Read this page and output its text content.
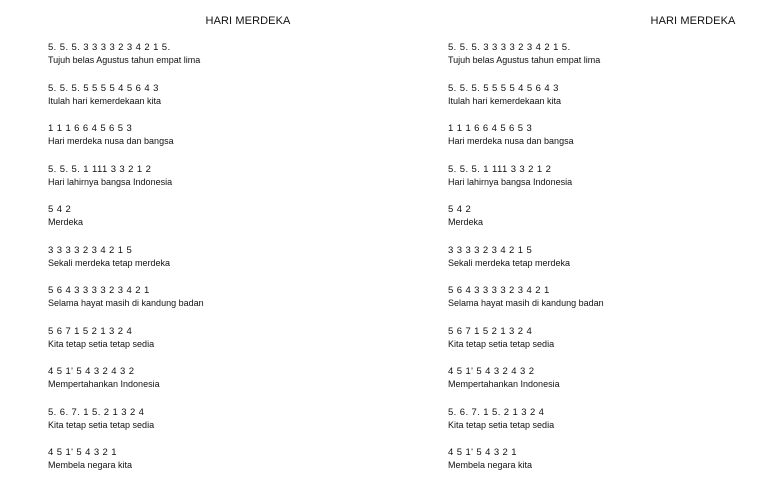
HARI MERDEKA
5. 5. 5. 3 3 3 3 2 3 4 2 1 5.
Tujuh belas Agustus tahun empat lima
5. 5. 5. 5 5 5 5 4 5 6 4 3
Itulah hari kemerdekaan kita
1 1 1 6 6 4 5 6 5 3
Hari merdeka nusa dan bangsa
5. 5. 5. 1 111 3 3 2 1 2
Hari lahirnya bangsa Indonesia
5 4 2
Merdeka
3 3 3 3 2 3 4 2 1 5
Sekali merdeka tetap merdeka
5 6 4 3 3 3 3 2 3 4 2 1
Selama hayat masih di kandung badan
5 6 7 1 5 2 1 3 2 4
Kita tetap setia tetap sedia
4 5 1' 5 4 3 2 4 3 2
Mempertahankan Indonesia
5. 6. 7. 1 5. 2 1 3 2 4
Kita tetap setia tetap sedia
4 5 1' 5 4 3 2 1
Membela negara kita
HARI MERDEKA
5. 5. 5. 3 3 3 3 2 3 4 2 1 5.
Tujuh belas Agustus tahun empat lima
5. 5. 5. 5 5 5 5 4 5 6 4 3
Itulah hari kemerdekaan kita
1 1 1 6 6 4 5 6 5 3
Hari merdeka nusa dan bangsa
5. 5. 5. 1 111 3 3 2 1 2
Hari lahirnya bangsa Indonesia
5 4 2
Merdeka
3 3 3 3 2 3 4 2 1 5
Sekali merdeka tetap merdeka
5 6 4 3 3 3 3 2 3 4 2 1
Selama hayat masih di kandung badan
5 6 7 1 5 2 1 3 2 4
Kita tetap setia tetap sedia
4 5 1' 5 4 3 2 4 3 2
Mempertahankan Indonesia
5. 6. 7. 1 5. 2 1 3 2 4
Kita tetap setia tetap sedia
4 5 1' 5 4 3 2 1
Membela negara kita
